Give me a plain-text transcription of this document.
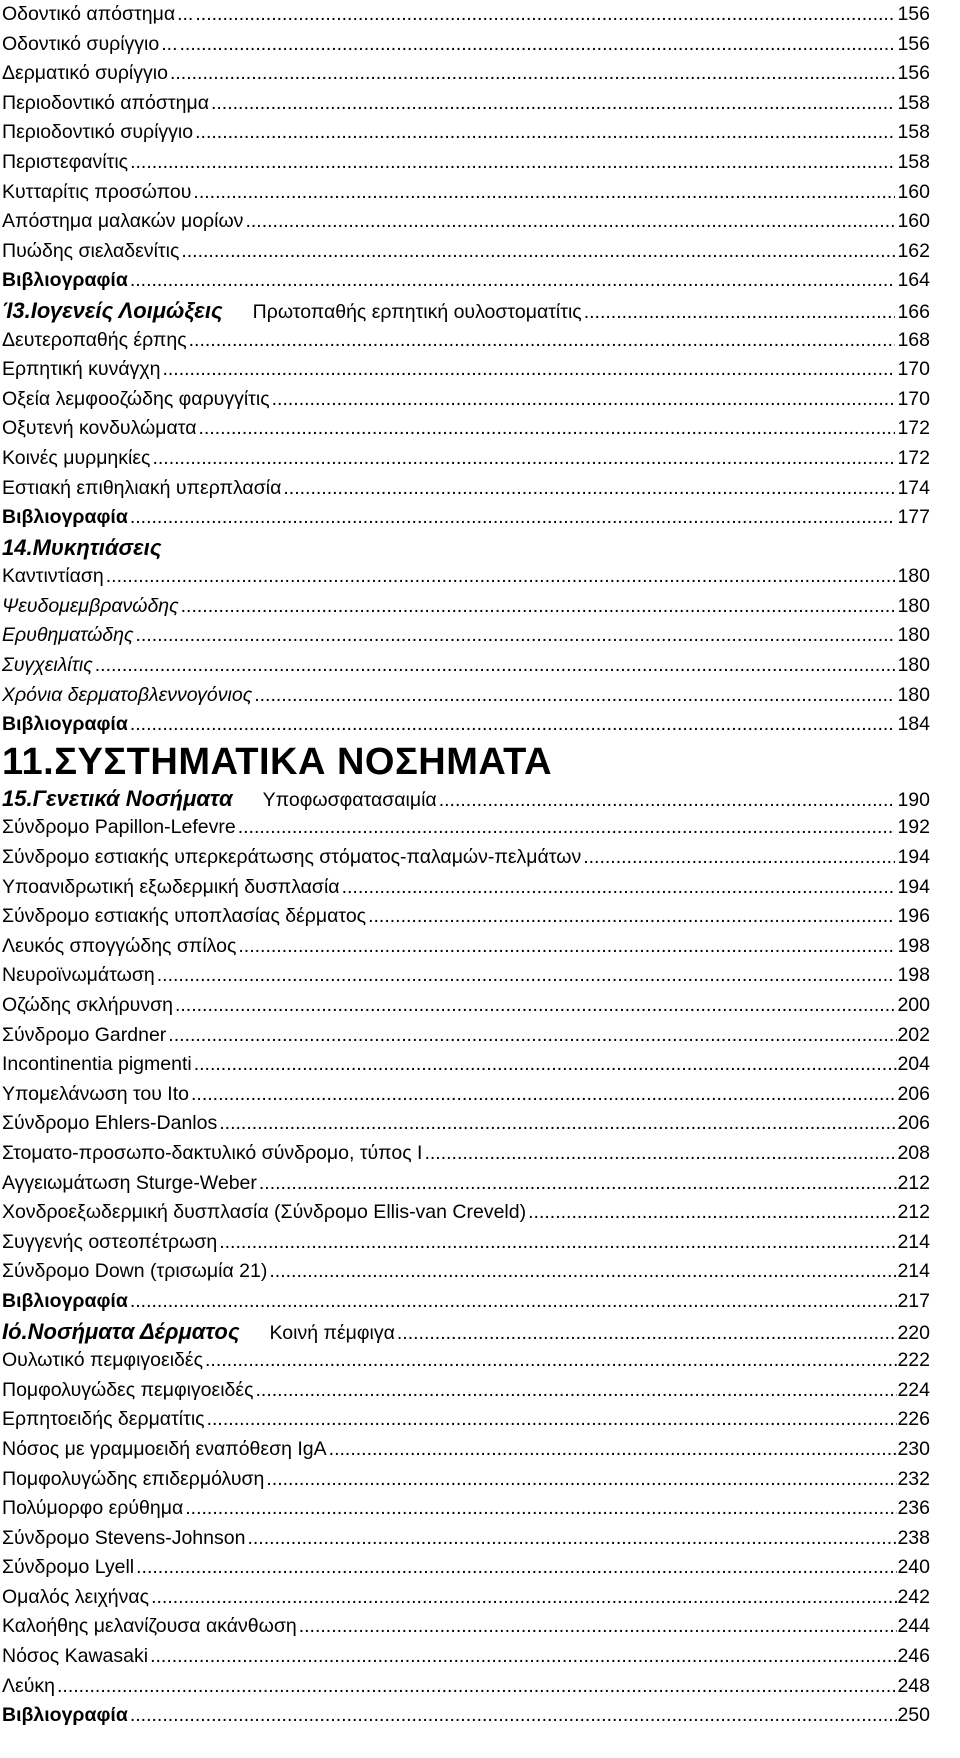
Οδοντικό απόστημα ... .....	156
Οδοντικό συρίγγιο ... .....	156
Δερματικό συρίγγιο .....	156
Περιοδοντικό απόστημα .....	158
Περιοδοντικό συρίγγιο .....	158
Περιστεφανίτις .....	158
Κυτταρίτις προσώπου .....	160
Απόστημα μαλακών μορίων .....	160
Πυώδης σιελαδενίτις .....	162
Βιβλιογραφία .....	164
Ί3.Ιογενείς Λοιμώξεις Πρωτοπαθής ερπητική ουλοστοματίτις .....	166
Δευτεροπαθής έρπης .....	168
Ερπητική κυνάγχη .....	170
Οξεία λεμφοοζώδης φαρυγγίτις .....	170
Οξυτενή κονδυλώματα .....	172
Κοινές μυρμηκίες .....	172
Εστιακή επιθηλιακή υπερπλασία .....	174
Βιβλιογραφία .....	177
14.Μυκητιάσεις
Καντιντίαση .....	180
Ψευδομεμβρανώδης .....	180
Ερυθηματώδης .....	180
Συγχειλίτις .....	180
Χρόνια δερματοβλεννογόνιος .....	180
Βιβλιογραφία .....	184
11.ΣΥΣΤΗΜΑΤΙΚΑ ΝΟΣΗΜΑΤΑ
15.Γενετικά Νοσήματα Υποφωσφατασαιμία .....	190
Σύνδρομο Papillon-Lefevre .....	192
Σύνδρομο εστιακής υπερκεράτωσης στόματος-παλαμών-πελμάτων .....	194
Υποανιδρωτική εξωδερμική δυσπλασία .....	194
Σύνδρομο εστιακής υποπλασίας δέρματος .....	196
Λευκός σπογγώδης σπίλος .....	198
Νευροϊνωμάτωση .....	198
Οζώδης σκλήρυνση .....	200
Σύνδρομο Gardner .....	202
Incontinentia pigmenti .....	204
Υπομελάνωση του Ito .....	206
Σύνδρομο Ehlers-Danlos .....	206
Στοματο-προσωπο-δακτυλικό σύνδρομο, τύπος I .....	208
Αγγειωμάτωση Sturge-Weber .....	212
Χονδροεξωδερμική δυσπλασία (Σύνδρομο Ellis-van Creveld) .....	212
Συγγενής οστεοπέτρωση .....	214
Σύνδρομο Down (τρισωμία 21) .....	214
Βιβλιογραφία .....	217
Ιό.Νοσήματα Δέρματος Κοινή πέμφιγα .....	220
Ουλωτικό πεμφιγοειδές .....	222
Πομφολυγώδες πεμφιγοειδές .....	224
Ερπητοειδής δερματίτις .....	226
Νόσος με γραμμοειδή εναπόθεση IgA .....	230
Πομφολυγώδης επιδερμόλυση .....	232
Πολύμορφο ερύθημα .....	236
Σύνδρομο Stevens-Johnson .....	238
Σύνδρομο Lyell .....	240
Ομαλός λειχήνας .....	242
Καλοήθης μελανίζουσα ακάνθωση .....	244
Νόσος Kawasaki .....	246
Λεύκη .....	248
Βιβλιογραφία .....	250
